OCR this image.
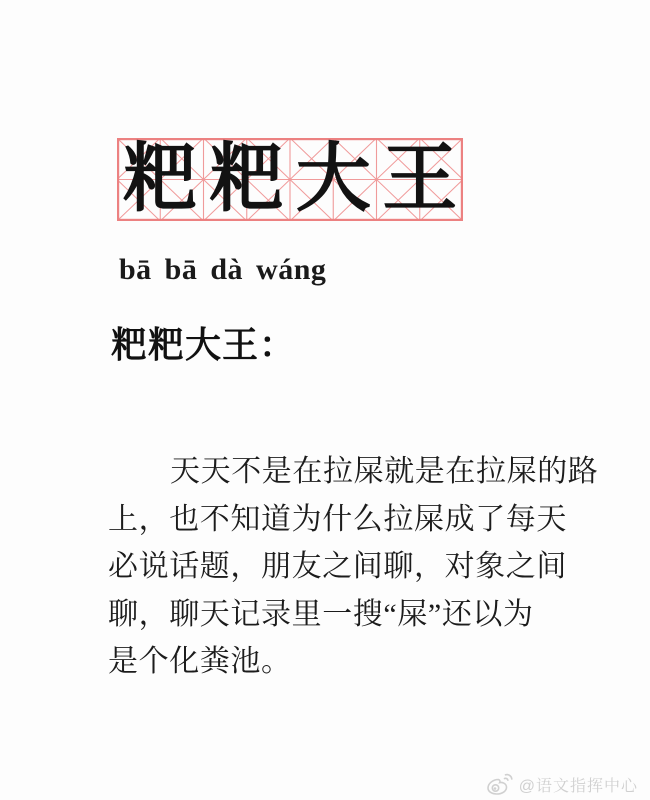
粑 粑 大 王
bā bā dà wáng
粑粑大王：
天天不是在拉屎就是在拉屎的路
上，也不知道为什么拉屎成了每天
必说话题，朋友之间聊，对象之间
聊，聊天记录里一搜“屎”还以为
是个化粪池。
@语文指挥中心
